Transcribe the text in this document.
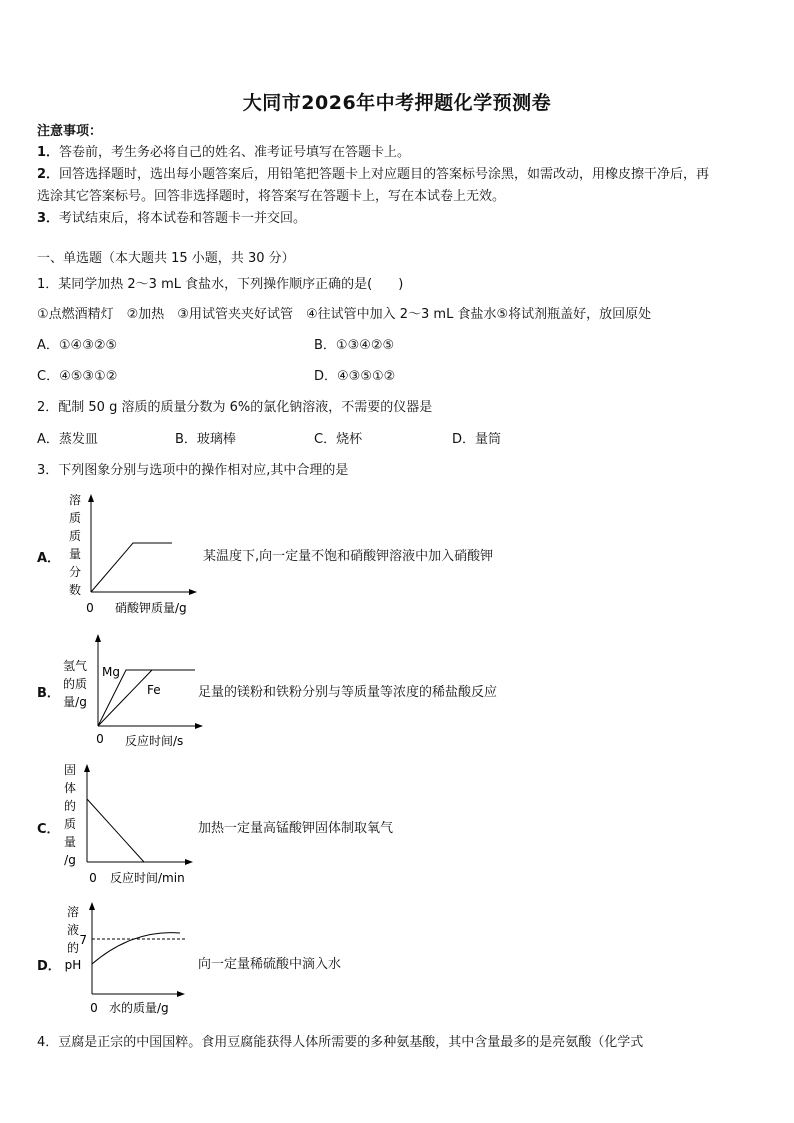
大同市2026年中考押题化学预测卷
注意事项：
1．答卷前，考生务必将自己的姓名、准考证号填写在答题卡上。
2．回答选择题时，选出每小题答案后，用铅笔把答题卡上对应题目的答案标号涂黑，如需改动，用橡皮擦干净后，再
选涂其它答案标号。回答非选择题时，将答案写在答题卡上，写在本试卷上无效。
3．考试结束后，将本试卷和答题卡一并交回。
一、单选题（本大题共 15 小题，共 30 分）
1．某同学加热 2～3 mL 食盐水，下列操作顺序正确的是(　　)
①点燃酒精灯　②加热　③用试管夹夹好试管　④往试管中加入 2～3 mL 食盐水⑤将试剂瓶盖好，放回原处
A．①④③②⑤	B．①③④②⑤
C．④⑤③①②	D．④③⑤①②
2．配制 50 g 溶质的质量分数为 6%的氯化钠溶液，不需要的仪器是
A．蒸发皿	B．玻璃棒	C．烧杯	D．量筒
3．下列图象分别与选项中的操作相对应,其中合理的是
A．
溶
质
质
量
分
数
0 硝酸钾质量/g
某温度下,向一定量不饱和硝酸钾溶液中加入硝酸钾
B．
Mg
Fe
氢气
的质
量/g
0 反应时间/s
足量的镁粉和铁粉分别与等质量等浓度的稀盐酸反应
C．
固
体
的
质
量
/g
0 反应时间/min
加热一定量高锰酸钾固体制取氧气
D．
7
溶
液
的
pH
0 水的质量/g
向一定量稀硫酸中滴入水
4．豆腐是正宗的中国国粹。食用豆腐能获得人体所需要的多种氨基酸，其中含量最多的是亮氨酸（化学式
